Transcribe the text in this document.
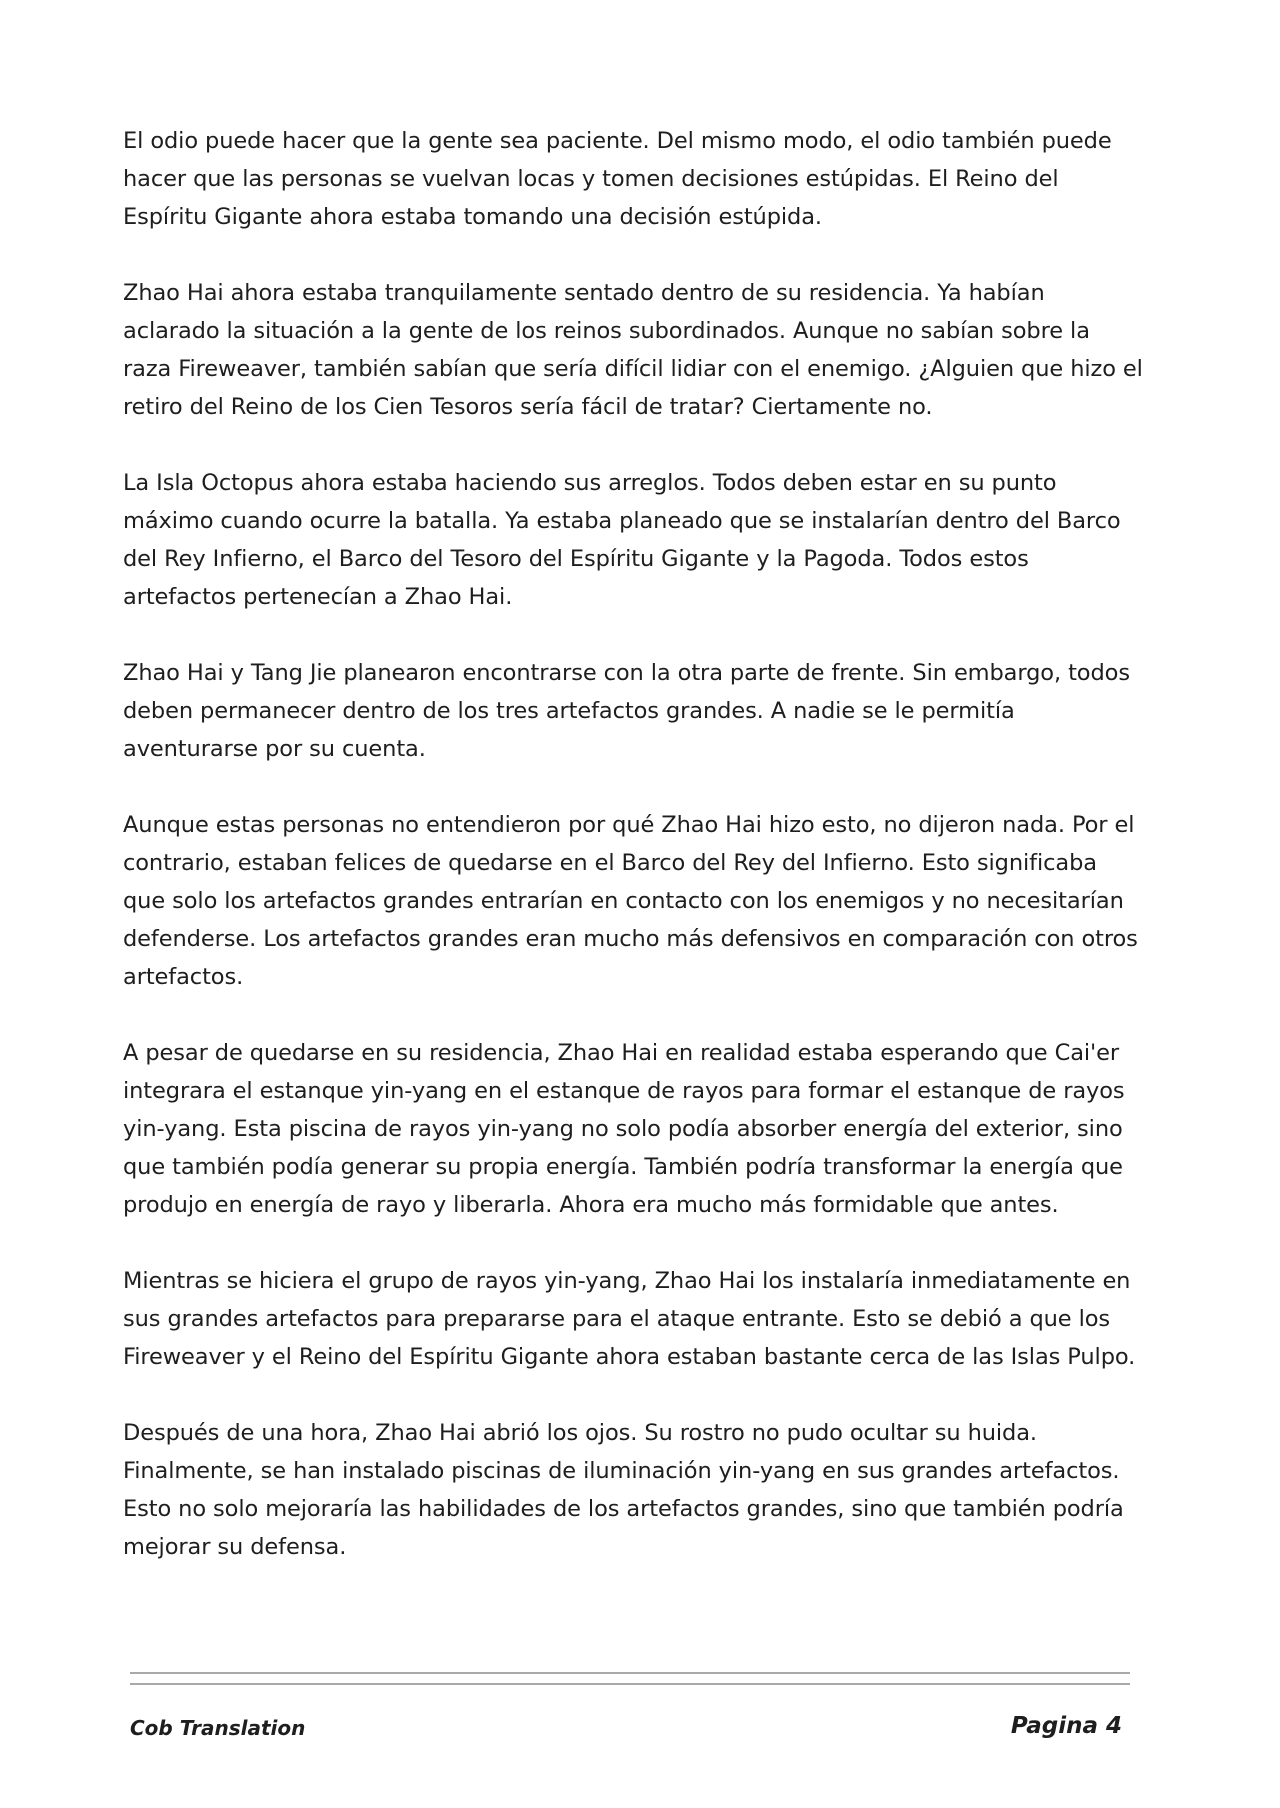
El odio puede hacer que la gente sea paciente. Del mismo modo, el odio también puede hacer que las personas se vuelvan locas y tomen decisiones estúpidas. El Reino del Espíritu Gigante ahora estaba tomando una decisión estúpida.

Zhao Hai ahora estaba tranquilamente sentado dentro de su residencia. Ya habían aclarado la situación a la gente de los reinos subordinados. Aunque no sabían sobre la raza Fireweaver, también sabían que sería difícil lidiar con el enemigo. ¿Alguien que hizo el retiro del Reino de los Cien Tesoros sería fácil de tratar? Ciertamente no.

La Isla Octopus ahora estaba haciendo sus arreglos. Todos deben estar en su punto máximo cuando ocurre la batalla. Ya estaba planeado que se instalarían dentro del Barco del Rey Infierno, el Barco del Tesoro del Espíritu Gigante y la Pagoda. Todos estos artefactos pertenecían a Zhao Hai.

Zhao Hai y Tang Jie planearon encontrarse con la otra parte de frente. Sin embargo, todos deben permanecer dentro de los tres artefactos grandes. A nadie se le permitía aventurarse por su cuenta.

Aunque estas personas no entendieron por qué Zhao Hai hizo esto, no dijeron nada. Por el contrario, estaban felices de quedarse en el Barco del Rey del Infierno. Esto significaba que solo los artefactos grandes entrarían en contacto con los enemigos y no necesitarían defenderse. Los artefactos grandes eran mucho más defensivos en comparación con otros artefactos.

A pesar de quedarse en su residencia, Zhao Hai en realidad estaba esperando que Cai'er integrara el estanque yin-yang en el estanque de rayos para formar el estanque de rayos yin-yang. Esta piscina de rayos yin-yang no solo podía absorber energía del exterior, sino que también podía generar su propia energía. También podría transformar la energía que produjo en energía de rayo y liberarla. Ahora era mucho más formidable que antes.

Mientras se hiciera el grupo de rayos yin-yang, Zhao Hai los instalaría inmediatamente en sus grandes artefactos para prepararse para el ataque entrante. Esto se debió a que los Fireweaver y el Reino del Espíritu Gigante ahora estaban bastante cerca de las Islas Pulpo.

Después de una hora, Zhao Hai abrió los ojos. Su rostro no pudo ocultar su huida. Finalmente, se han instalado piscinas de iluminación yin-yang en sus grandes artefactos. Esto no solo mejoraría las habilidades de los artefactos grandes, sino que también podría mejorar su defensa.

Cob Translation	Pagina 4
